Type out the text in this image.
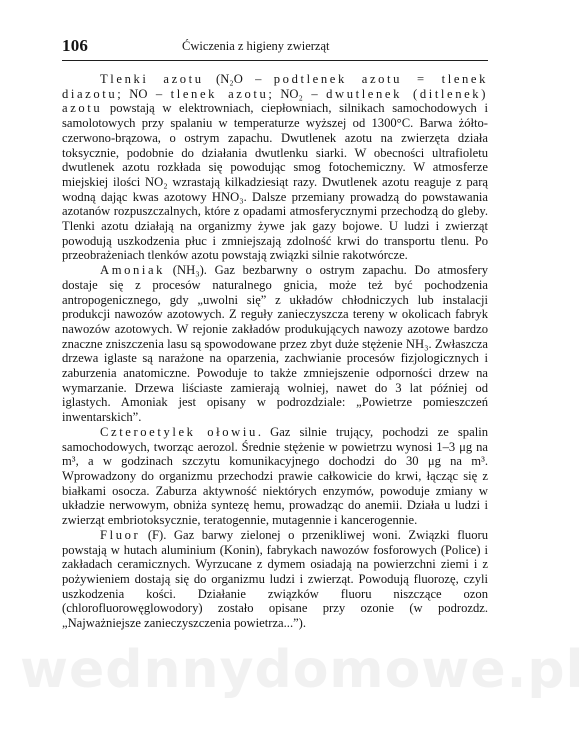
106	Ćwiczenia z higieny zwierząt

Tlenki azotu (N₂O – podtlenek azotu = tlenek diazotu; NO – tlenek azotu; NO₂ – dwutlenek (ditlenek) azotu powstają w elektrowniach, ciepłowniach, silnikach samochodowych i samolotowych przy spalaniu w temperaturze wyższej od 1300°C. Barwa żółto-czerwono-brązowa, o ostrym zapachu. Dwutlenek azotu na zwierzęta działa toksycznie, podobnie do działania dwutlenku siarki. W obecności ultrafioletu dwutlenek azotu rozkłada się powodując smog fotochemiczny. W atmosferze miejskiej ilości NO₂ wzrastają kilkadziesiąt razy. Dwutlenek azotu reaguje z parą wodną dając kwas azotowy HNO₃. Dalsze przemiany prowadzą do powstawania azotanów rozpuszczalnych, które z opadami atmosferycznymi przechodzą do gleby. Tlenki azotu działają na organizmy żywe jak gazy bojowe. U ludzi i zwierząt powodują uszkodzenia płuc i zmniejszają zdolność krwi do transportu tlenu. Po przeobrażeniach tlenków azotu powstają związki silnie rakotwórcze.

Amoniak (NH₃). Gaz bezbarwny o ostrym zapachu. Do atmosfery dostaje się z procesów naturalnego gnicia, może też być pochodzenia antropogenicznego, gdy „uwolni się” z układów chłodniczych lub instalacji produkcji nawozów azotowych. Z reguły zanieczyszcza tereny w okolicach fabryk nawozów azotowych. W rejonie zakładów produkujących nawozy azotowe bardzo znaczne zniszczenia lasu są spowodowane przez zbyt duże stężenie NH₃. Zwłaszcza drzewa iglaste są narażone na oparzenia, zachwianie procesów fizjologicznych i zaburzenia anatomiczne. Powoduje to także zmniejszenie odporności drzew na wymarzanie. Drzewa liściaste zamierają wolniej, nawet do 3 lat później od iglastych. Amoniak jest opisany w podrozdziale: „Powietrze pomieszczeń inwentarskich”.

Czteroetylek ołowiu. Gaz silnie trujący, pochodzi ze spalin samochodowych, tworząc aerozol. Średnie stężenie w powietrzu wynosi 1–3 μg na m³, a w godzinach szczytu komunikacyjnego dochodzi do 30 μg na m³. Wprowadzony do organizmu przechodzi prawie całkowicie do krwi, łącząc się z białkami osocza. Zaburza aktywność niektórych enzymów, powoduje zmiany w układzie nerwowym, obniża syntezę hemu, prowadząc do anemii. Działa u ludzi i zwierząt embriotoksycznie, teratogennie, mutagennie i kancerogennie.

Fluor (F). Gaz barwy zielonej o przenikliwej woni. Związki fluoru powstają w hutach aluminium (Konin), fabrykach nawozów fosforowych (Police) i zakładach ceramicznych. Wyrzucane z dymem osiadają na powierzchni ziemi i z pożywieniem dostają się do organizmu ludzi i zwierząt. Powodują fluorozę, czyli uszkodzenia kości. Działanie związków fluoru niszczące ozon (chlorofluorowęglowodory) zostało opisane przy ozonie (w podrozdz. „Najważniejsze zanieczyszczenia powietrza...”).

wednnydomowe.pl
